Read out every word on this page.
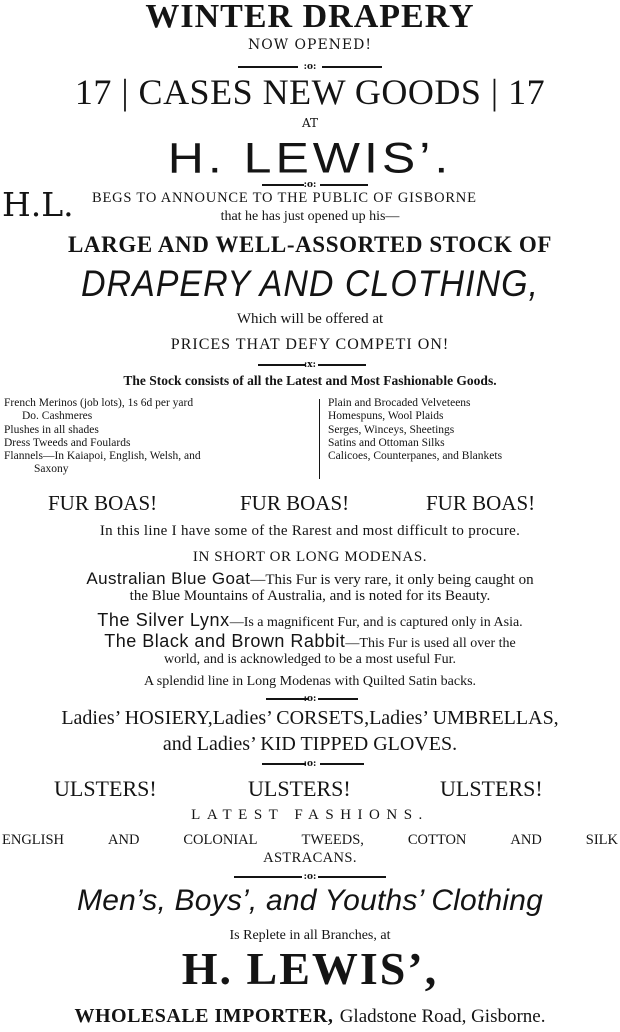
WINTER DRAPERY
NOW OPENED!
:o:
17 | CASES NEW GOODS | 17
AT
H. LEWIS’.
:o:
H.L. BEGS TO ANNOUNCE TO THE PUBLIC OF GISBORNE
that he has just opened up his—
LARGE AND WELL-ASSORTED STOCK OF
DRAPERY AND CLOTHING,
Which will be offered at
PRICES THAT DEFY COMPETI ON!
:x:
The Stock consists of all the Latest and Most Fashionable Goods.
French Merinos (job lots), 1s 6d per yard
Do. Cashmeres
Plushes in all shades
Dress Tweeds and Foulards
Flannels—In Kaiapoi, English, Welsh, and
Saxony
Plain and Brocaded Velveteens
Homespuns, Wool Plaids
Serges, Winceys, Sheetings
Satins and Ottoman Silks
Calicoes, Counterpanes, and Blankets
FUR BOAS!	FUR BOAS!	FUR BOAS!
In this line I have some of the Rarest and most difficult to procure.
IN SHORT OR LONG MODENAS.
Australian Blue Goat—This Fur is very rare, it only being caught on
the Blue Mountains of Australia, and is noted for its Beauty.
The Silver Lynx—Is a magnificent Fur, and is captured only in Asia.
The Black and Brown Rabbit—This Fur is used all over the
world, and is acknowledged to be a most useful Fur.
A splendid line in Long Modenas with Quilted Satin backs.
:o:
Ladies’ HOSIERY,Ladies’ CORSETS,Ladies’ UMBRELLAS,
and Ladies’ KID TIPPED GLOVES.
:o:
ULSTERS!	ULSTERS!	ULSTERS!
LATEST FASHIONS.
ENGLISH	AND	COLONIAL	TWEEDS,	COTTON	AND	SILK
ASTRACANS.
:o:
Men’s, Boys’, and Youths’ Clothing
Is Replete in all Branches, at
H. LEWIS’,
WHOLESALE IMPORTER, Gladstone Road, Gisborne.
